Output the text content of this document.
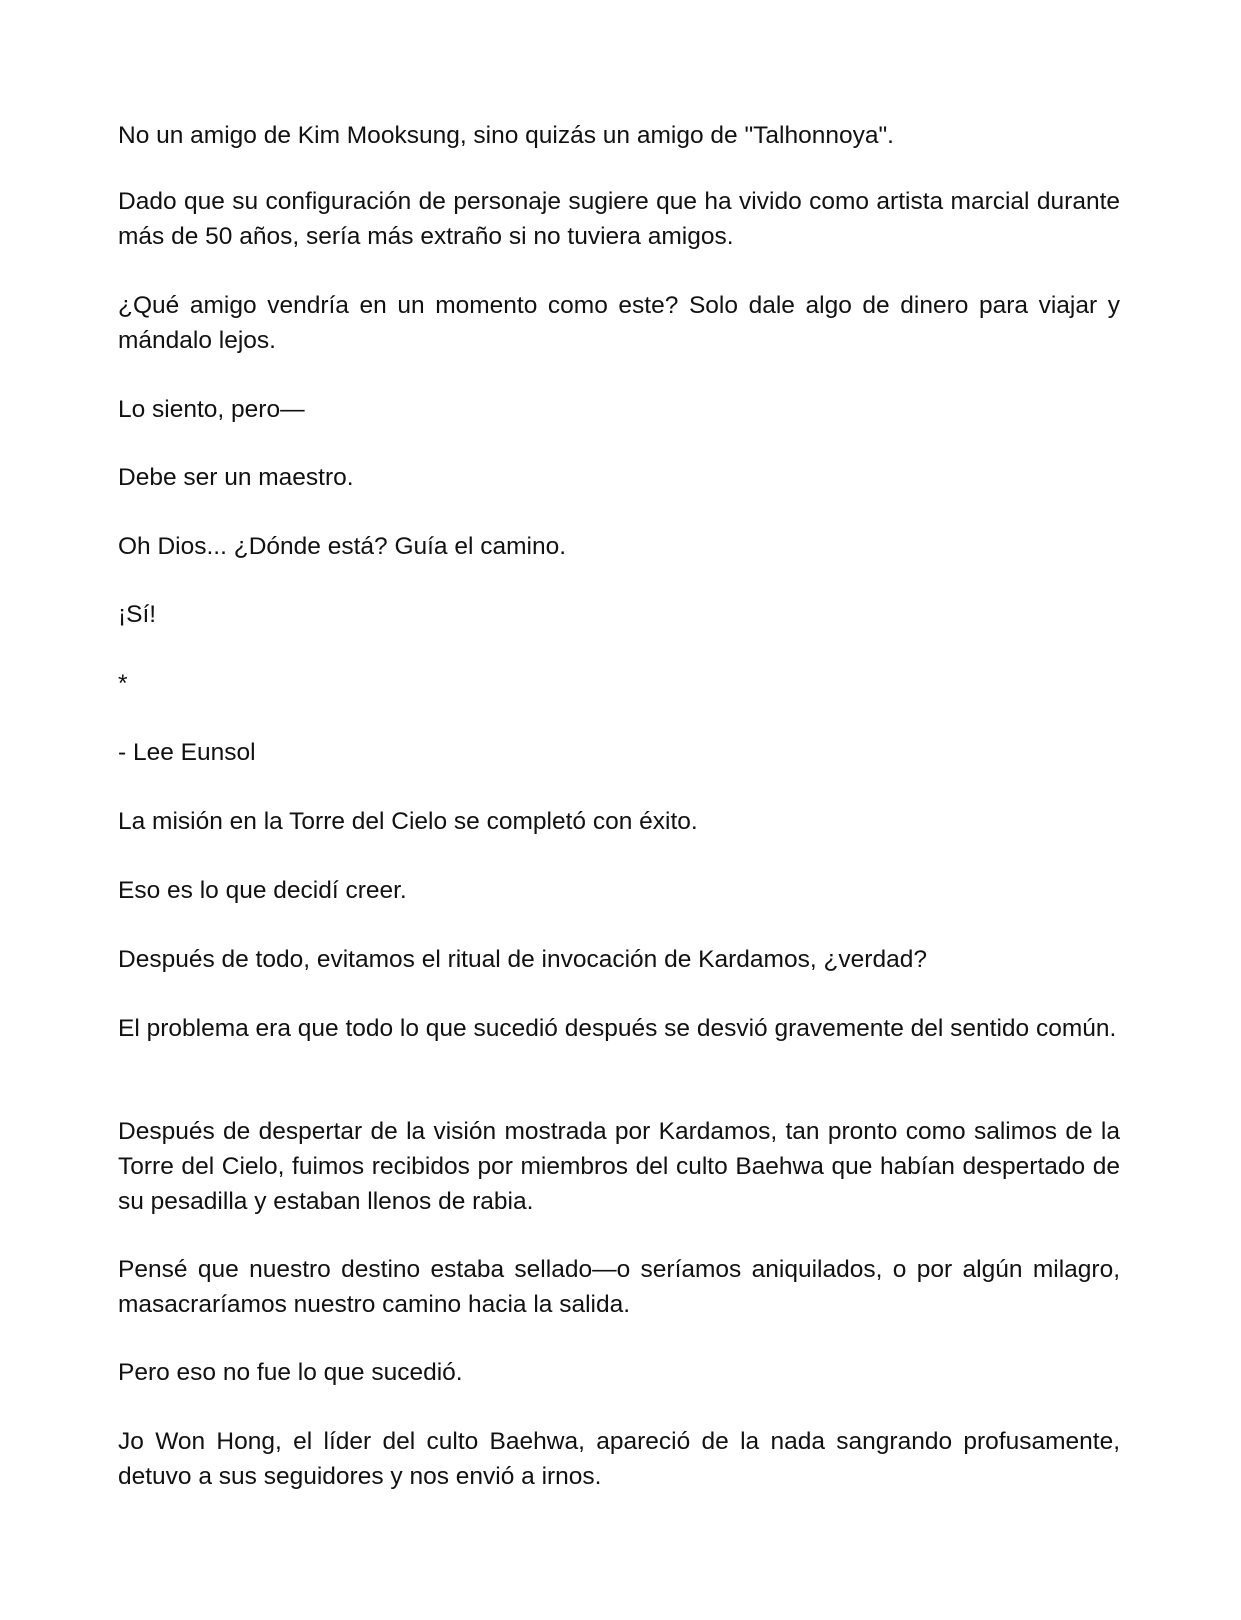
No un amigo de Kim Mooksung, sino quizás un amigo de "Talhonnoya".

Dado que su configuración de personaje sugiere que ha vivido como artista marcial durante más de 50 años, sería más extraño si no tuviera amigos.

¿Qué amigo vendría en un momento como este? Solo dale algo de dinero para viajar y mándalo lejos.

Lo siento, pero—

Debe ser un maestro.

Oh Dios... ¿Dónde está? Guía el camino.

¡Sí!

*

- Lee Eunsol

La misión en la Torre del Cielo se completó con éxito.

Eso es lo que decidí creer.

Después de todo, evitamos el ritual de invocación de Kardamos, ¿verdad?

El problema era que todo lo que sucedió después se desvió gravemente del sentido común.

Después de despertar de la visión mostrada por Kardamos, tan pronto como salimos de la Torre del Cielo, fuimos recibidos por miembros del culto Baehwa que habían despertado de su pesadilla y estaban llenos de rabia.

Pensé que nuestro destino estaba sellado—o seríamos aniquilados, o por algún milagro, masacraríamos nuestro camino hacia la salida.

Pero eso no fue lo que sucedió.

Jo Won Hong, el líder del culto Baehwa, apareció de la nada sangrando profusamente, detuvo a sus seguidores y nos envió a irnos.
